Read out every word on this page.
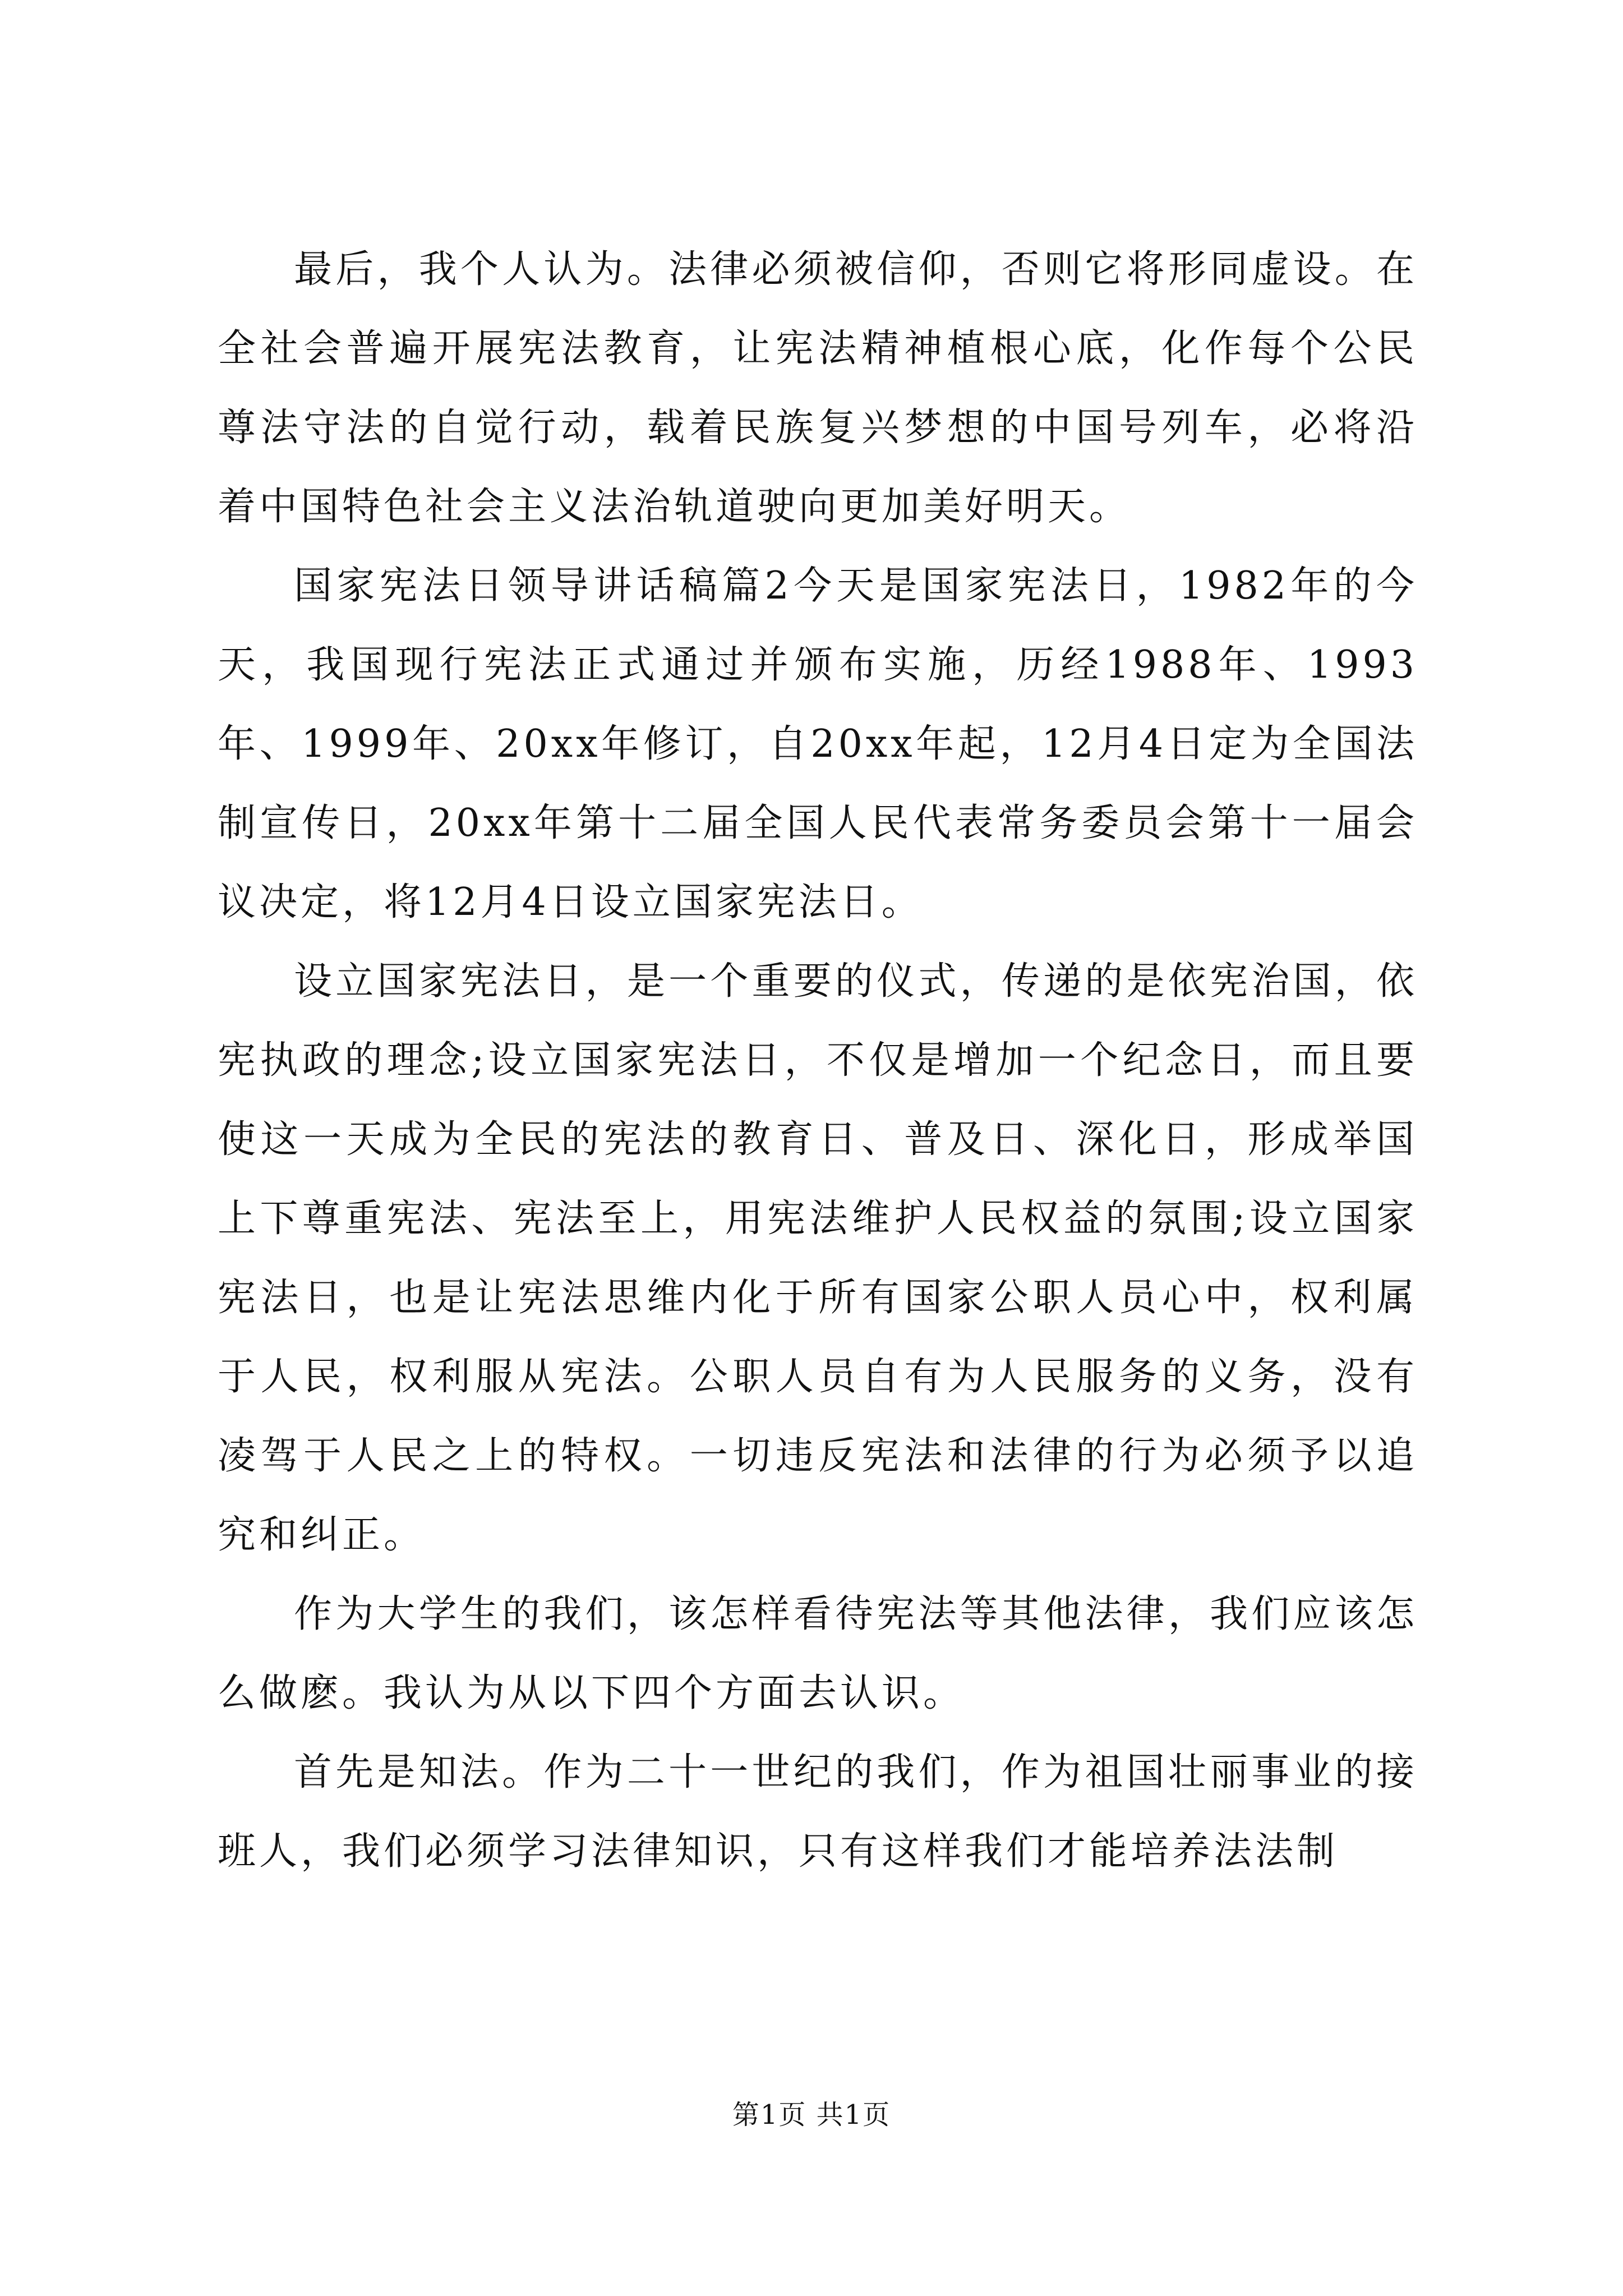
最后，我个人认为。法律必须被信仰，否则它将形同虚设。在全社会普遍开展宪法教育，让宪法精神植根心底，化作每个公民尊法守法的自觉行动，载着民族复兴梦想的中国号列车，必将沿着中国特色社会主义法治轨道驶向更加美好明天。

国家宪法日领导讲话稿篇2今天是国家宪法日，1982年的今天，我国现行宪法正式通过并颁布实施，历经1988年、1993年、1999年、20xx年修订，自20xx年起，12月4日定为全国法制宣传日，20xx年第十二届全国人民代表常务委员会第十一届会议决定，将12月4日设立国家宪法日。

设立国家宪法日，是一个重要的仪式，传递的是依宪治国，依宪执政的理念;设立国家宪法日，不仅是增加一个纪念日，而且要使这一天成为全民的宪法的教育日、普及日、深化日，形成举国上下尊重宪法、宪法至上，用宪法维护人民权益的氛围;设立国家宪法日，也是让宪法思维内化于所有国家公职人员心中，权利属于人民，权利服从宪法。公职人员自有为人民服务的义务，没有凌驾于人民之上的特权。一切违反宪法和法律的行为必须予以追究和纠正。

作为大学生的我们，该怎样看待宪法等其他法律，我们应该怎么做麽。我认为从以下四个方面去认识。

首先是知法。作为二十一世纪的我们，作为祖国壮丽事业的接班人，我们必须学习法律知识，只有这样我们才能培养法法制

第1页 共1页
